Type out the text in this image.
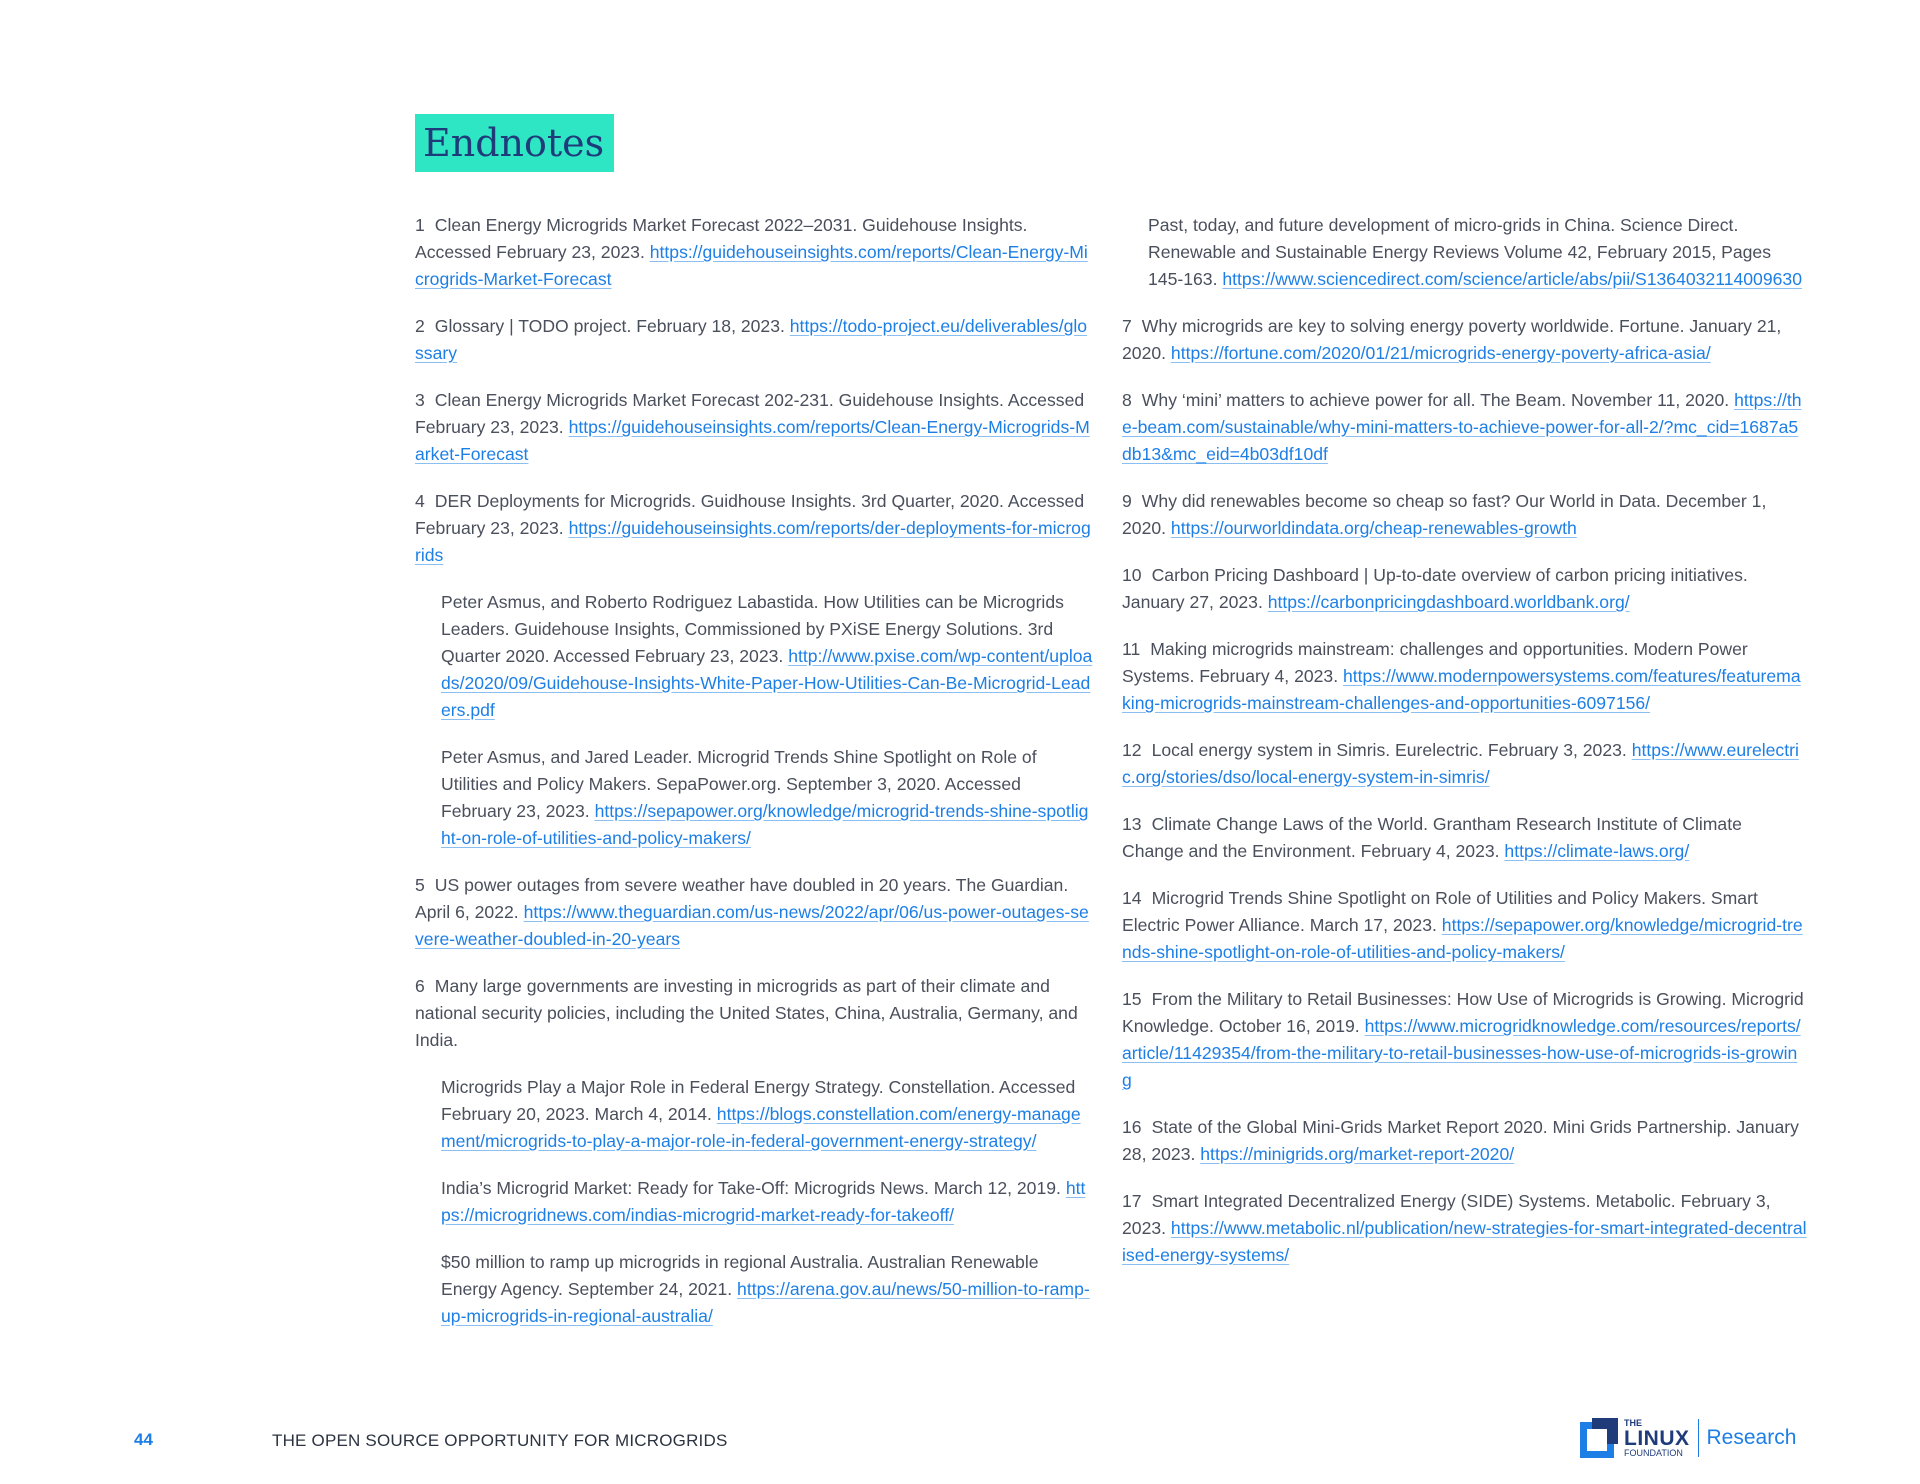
Endnotes

1 Clean Energy Microgrids Market Forecast 2022–2031. Guidehouse Insights. Accessed February 23, 2023. https://guidehouseinsights.com/reports/Clean-Energy-Microgrids-Market-Forecast

2 Glossary | TODO project. February 18, 2023. https://todo-project.eu/deliverables/glossary

3 Clean Energy Microgrids Market Forecast 202-231. Guidehouse Insights. Accessed February 23, 2023. https://guidehouseinsights.com/reports/Clean-Energy-Microgrids-Market-Forecast

4 DER Deployments for Microgrids. Guidhouse Insights. 3rd Quarter, 2020. Accessed February 23, 2023. https://guidehouseinsights.com/reports/der-deployments-for-microgrids

Peter Asmus, and Roberto Rodriguez Labastida. How Utilities can be Microgrids Leaders. Guidehouse Insights, Commissioned by PXiSE Energy Solutions. 3rd Quarter 2020. Accessed February 23, 2023. http://www.pxise.com/wp-content/uploads/2020/09/Guidehouse-Insights-White-Paper-How-Utilities-Can-Be-Microgrid-Leaders.pdf

Peter Asmus, and Jared Leader. Microgrid Trends Shine Spotlight on Role of Utilities and Policy Makers. SepaPower.org. September 3, 2020. Accessed February 23, 2023. https://sepapower.org/knowledge/microgrid-trends-shine-spotlight-on-role-of-utilities-and-policy-makers/

5 US power outages from severe weather have doubled in 20 years. The Guardian. April 6, 2022. https://www.theguardian.com/us-news/2022/apr/06/us-power-outages-severe-weather-doubled-in-20-years

6 Many large governments are investing in microgrids as part of their climate and national security policies, including the United States, China, Australia, Germany, and India.

Microgrids Play a Major Role in Federal Energy Strategy. Constellation. Accessed February 20, 2023. March 4, 2014. https://blogs.constellation.com/energy-management/microgrids-to-play-a-major-role-in-federal-government-energy-strategy/

India’s Microgrid Market: Ready for Take-Off: Microgrids News. March 12, 2019. https://microgridnews.com/indias-microgrid-market-ready-for-takeoff/

$50 million to ramp up microgrids in regional Australia. Australian Renewable Energy Agency. September 24, 2021. https://arena.gov.au/news/50-million-to-ramp-up-microgrids-in-regional-australia/

Past, today, and future development of micro-grids in China. Science Direct. Renewable and Sustainable Energy Reviews Volume 42, February 2015, Pages 145-163. https://www.sciencedirect.com/science/article/abs/pii/S1364032114009630

7 Why microgrids are key to solving energy poverty worldwide. Fortune. January 21, 2020. https://fortune.com/2020/01/21/microgrids-energy-poverty-africa-asia/

8 Why ‘mini’ matters to achieve power for all. The Beam. November 11, 2020. https://the-beam.com/sustainable/why-mini-matters-to-achieve-power-for-all-2/?mc_cid=1687a5db13&mc_eid=4b03df10df

9 Why did renewables become so cheap so fast? Our World in Data. December 1, 2020. https://ourworldindata.org/cheap-renewables-growth

10 Carbon Pricing Dashboard | Up-to-date overview of carbon pricing initiatives. January 27, 2023. https://carbonpricingdashboard.worldbank.org/

11 Making microgrids mainstream: challenges and opportunities. Modern Power Systems. February 4, 2023. https://www.modernpowersystems.com/features/featuremaking-microgrids-mainstream-challenges-and-opportunities-6097156/

12 Local energy system in Simris. Eurelectric. February 3, 2023. https://www.eurelectric.org/stories/dso/local-energy-system-in-simris/

13 Climate Change Laws of the World. Grantham Research Institute of Climate Change and the Environment. February 4, 2023. https://climate-laws.org/

14 Microgrid Trends Shine Spotlight on Role of Utilities and Policy Makers. Smart Electric Power Alliance. March 17, 2023. https://sepapower.org/knowledge/microgrid-trends-shine-spotlight-on-role-of-utilities-and-policy-makers/

15 From the Military to Retail Businesses: How Use of Microgrids is Growing. Microgrid Knowledge. October 16, 2019. https://www.microgridknowledge.com/resources/reports/article/11429354/from-the-military-to-retail-businesses-how-use-of-microgrids-is-growing

16 State of the Global Mini-Grids Market Report 2020. Mini Grids Partnership. January 28, 2023. https://minigrids.org/market-report-2020/

17 Smart Integrated Decentralized Energy (SIDE) Systems. Metabolic. February 3, 2023. https://www.metabolic.nl/publication/new-strategies-for-smart-integrated-decentralised-energy-systems/

44	THE OPEN SOURCE OPPORTUNITY FOR MICROGRIDS
THE
LINUX
FOUNDATION
Research
